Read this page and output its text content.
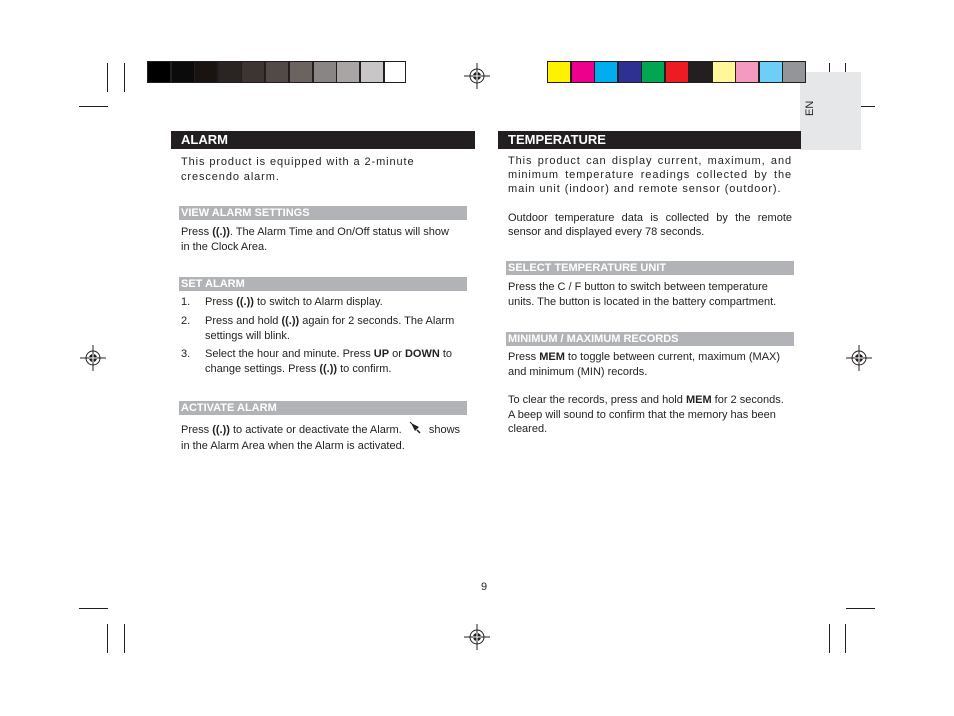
EN
ALARM
This product is equipped with a 2-minute crescendo alarm.
VIEW ALARM SETTINGS
Press ((.)). The Alarm Time and On/Off status will show
in the Clock Area.
SET ALARM
1. Press ((.)) to switch to Alarm display.
2. Press and hold ((.)) again for 2 seconds. The Alarm
settings will blink.
3. Select the hour and minute. Press UP or DOWN to
change settings. Press ((.)) to confirm.
ACTIVATE ALARM
Press ((.)) to activate or deactivate the Alarm. shows
in the Alarm Area when the Alarm is activated.
TEMPERATURE
This product can display current, maximum, and
minimum temperature readings collected by the
main unit (indoor) and remote sensor (outdoor).
Outdoor temperature data is collected by the remote
sensor and displayed every 78 seconds.
SELECT TEMPERATURE UNIT
Press the C / F button to switch between temperature
units. The button is located in the battery compartment.
MINIMUM / MAXIMUM RECORDS
Press MEM to toggle between current, maximum (MAX)
and minimum (MIN) records.
To clear the records, press and hold MEM for 2 seconds.
A beep will sound to confirm that the memory has been
cleared.
9
